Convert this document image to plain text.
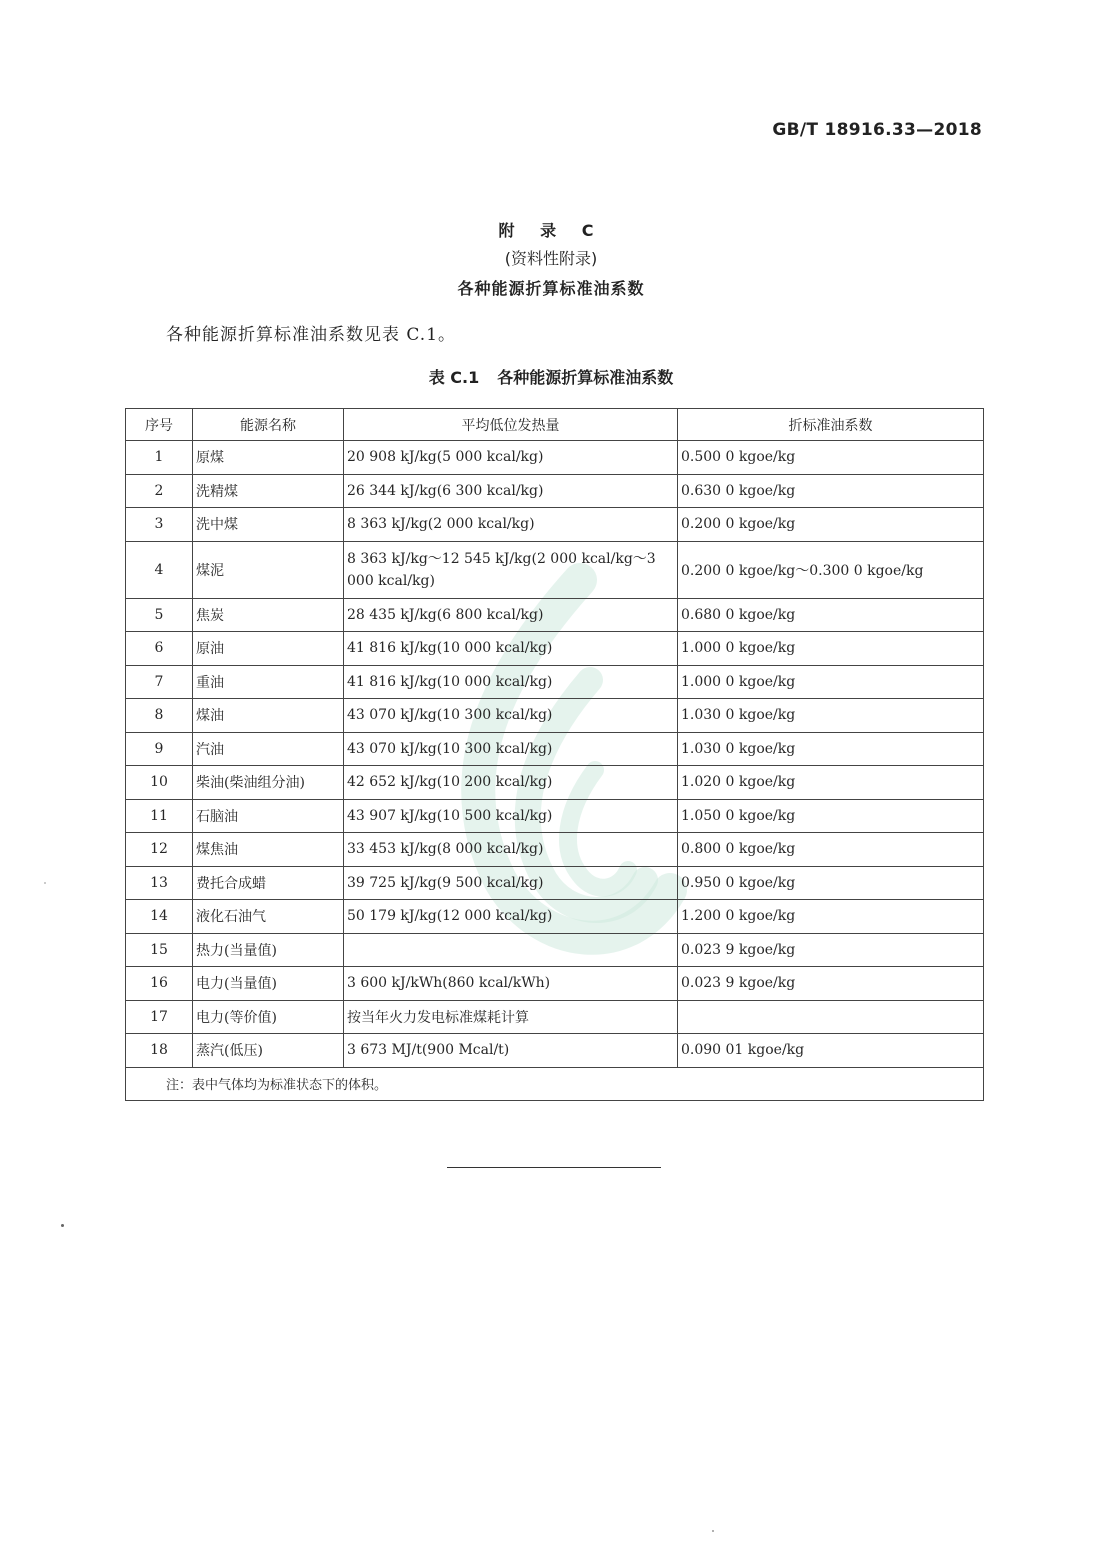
GB/T 18916.33—2018
附 录 C
(资料性附录)
各种能源折算标准油系数
各种能源折算标准油系数见表 C.1。
表 C.1 各种能源折算标准油系数
序号	能源名称	平均低位发热量	折标准油系数
1	原煤	20 908 kJ/kg(5 000 kcal/kg)	0.500 0 kgoe/kg
2	洗精煤	26 344 kJ/kg(6 300 kcal/kg)	0.630 0 kgoe/kg
3	洗中煤	8 363 kJ/kg(2 000 kcal/kg)	0.200 0 kgoe/kg
4	煤泥	8 363 kJ/kg～12 545 kJ/kg(2 000 kcal/kg～3 000 kcal/kg)	0.200 0 kgoe/kg～0.300 0 kgoe/kg
5	焦炭	28 435 kJ/kg(6 800 kcal/kg)	0.680 0 kgoe/kg
6	原油	41 816 kJ/kg(10 000 kcal/kg)	1.000 0 kgoe/kg
7	重油	41 816 kJ/kg(10 000 kcal/kg)	1.000 0 kgoe/kg
8	煤油	43 070 kJ/kg(10 300 kcal/kg)	1.030 0 kgoe/kg
9	汽油	43 070 kJ/kg(10 300 kcal/kg)	1.030 0 kgoe/kg
10	柴油(柴油组分油)	42 652 kJ/kg(10 200 kcal/kg)	1.020 0 kgoe/kg
11	石脑油	43 907 kJ/kg(10 500 kcal/kg)	1.050 0 kgoe/kg
12	煤焦油	33 453 kJ/kg(8 000 kcal/kg)	0.800 0 kgoe/kg
13	费托合成蜡	39 725 kJ/kg(9 500 kcal/kg)	0.950 0 kgoe/kg
14	液化石油气	50 179 kJ/kg(12 000 kcal/kg)	1.200 0 kgoe/kg
15	热力(当量值)		0.023 9 kgoe/kg
16	电力(当量值)	3 600 kJ/kWh(860 kcal/kWh)	0.023 9 kgoe/kg
17	电力(等价值)	按当年火力发电标准煤耗计算	
18	蒸汽(低压)	3 673 MJ/t(900 Mcal/t)	0.090 01 kgoe/kg
注：表中气体均为标准状态下的体积。			
